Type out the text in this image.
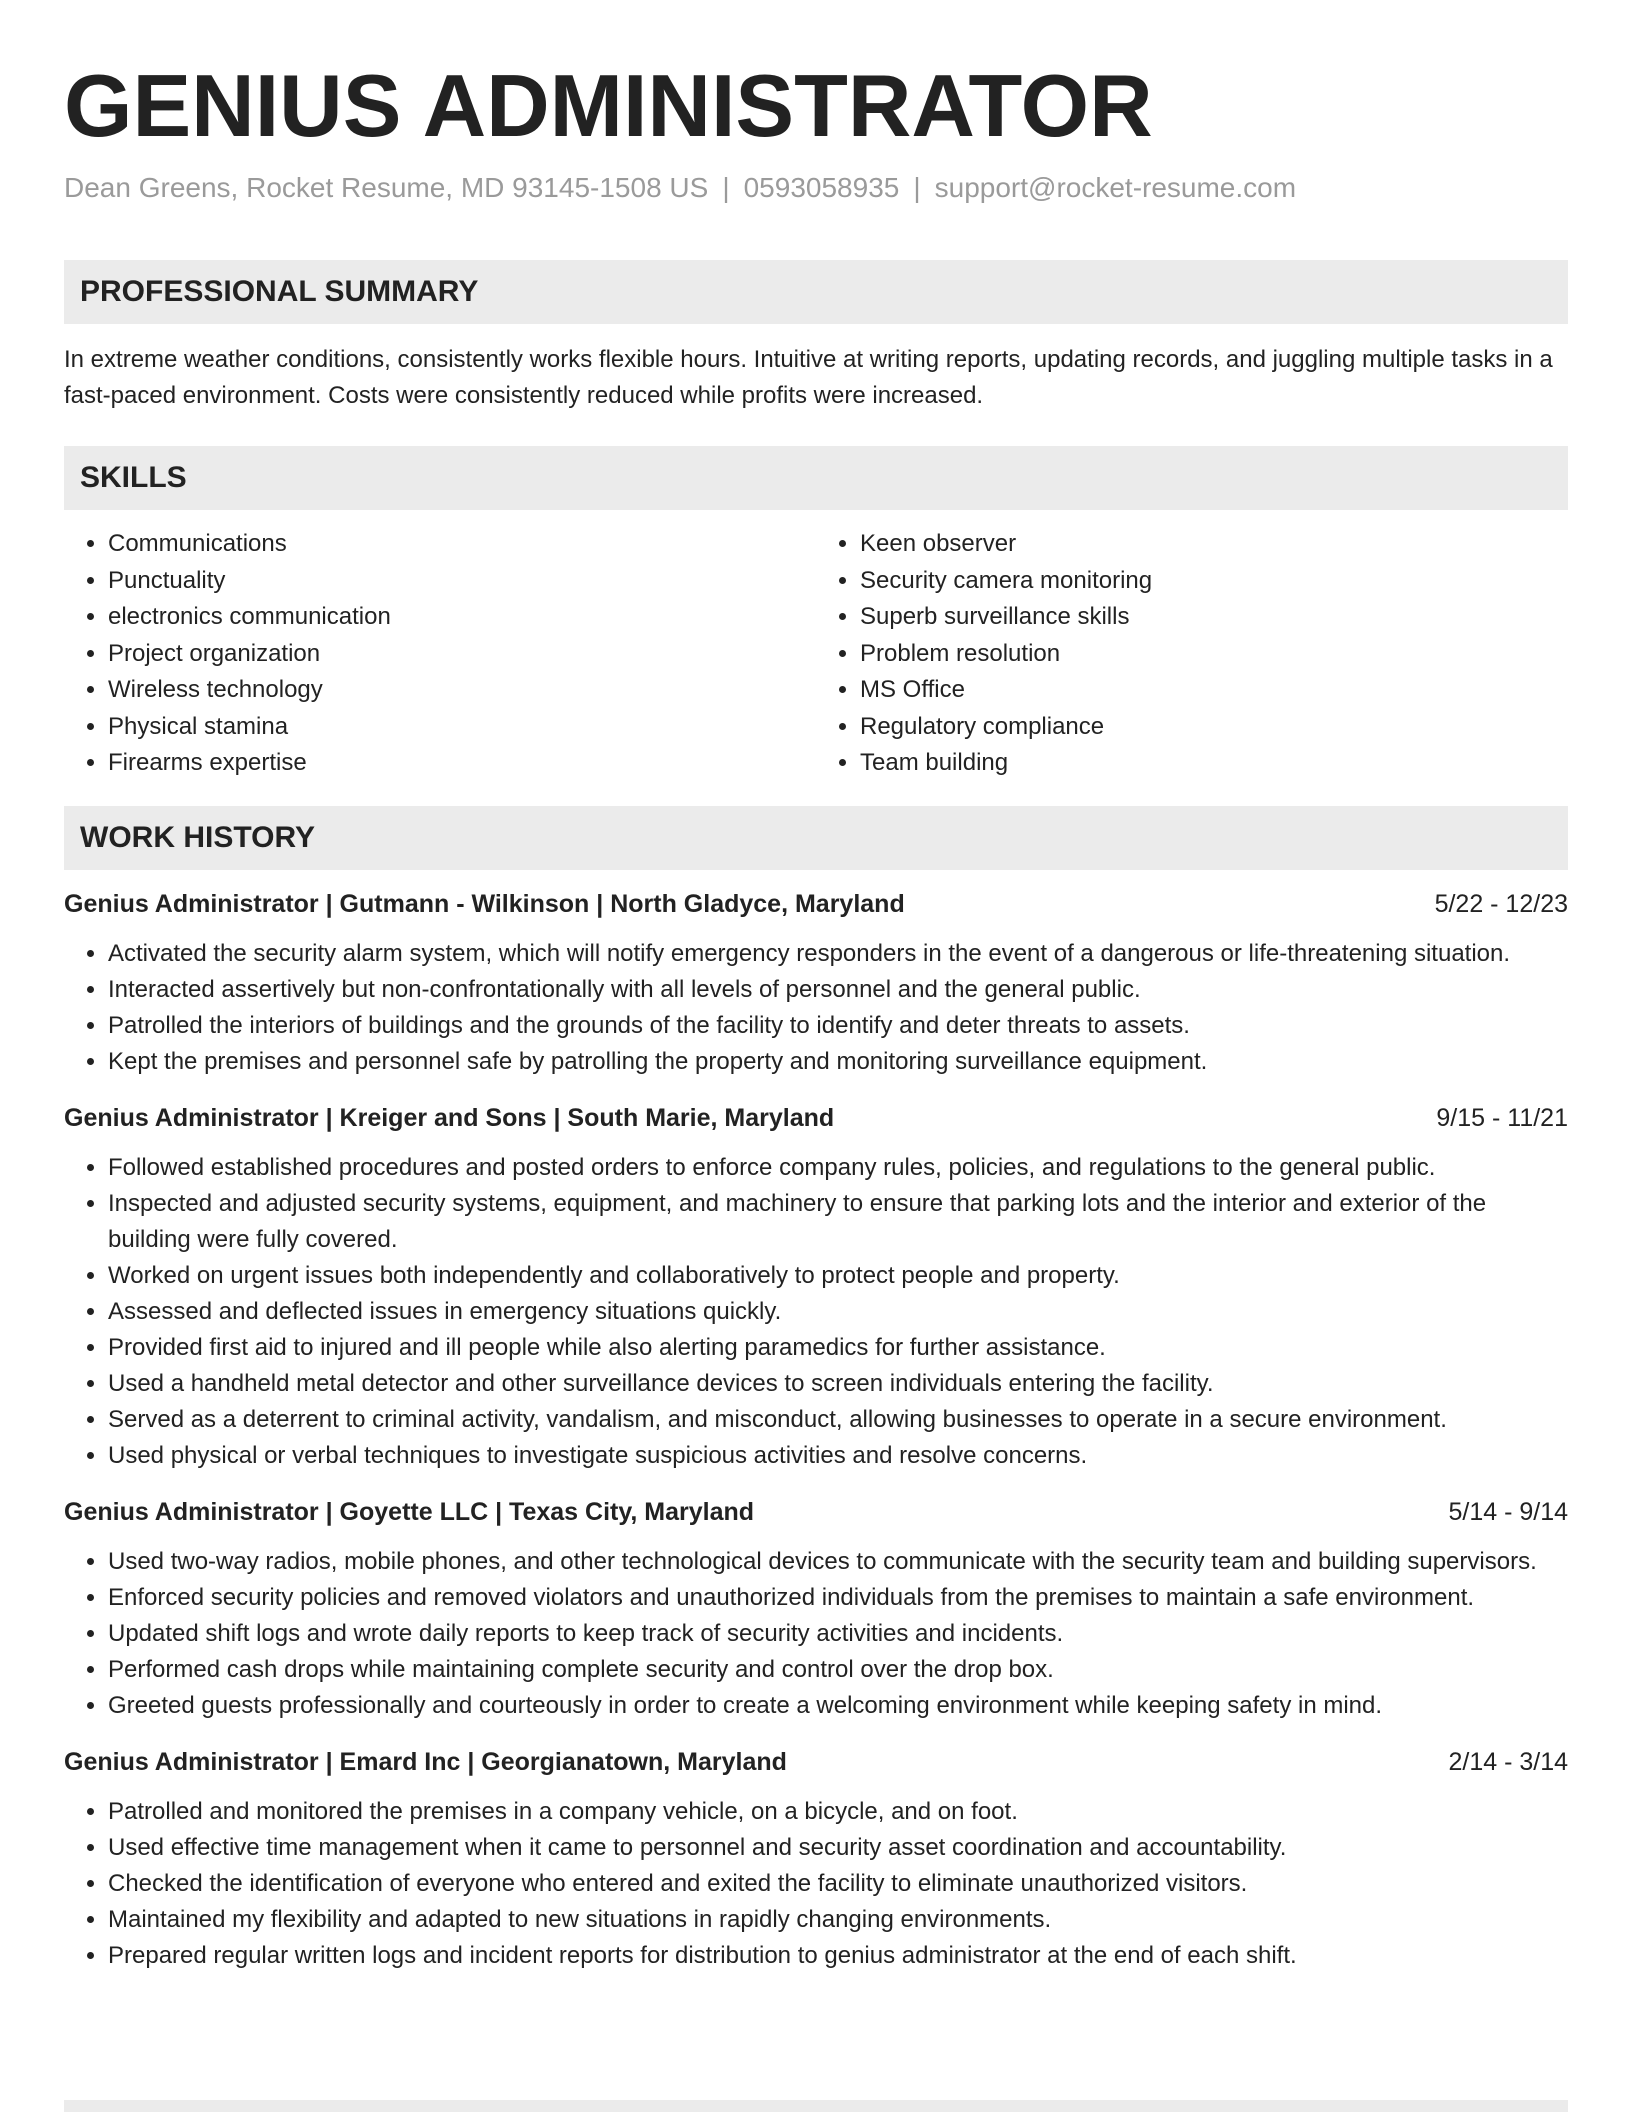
GENIUS ADMINISTRATOR
Dean Greens, Rocket Resume, MD 93145-1508 US | 0593058935 | support@rocket-resume.com
PROFESSIONAL SUMMARY
In extreme weather conditions, consistently works flexible hours. Intuitive at writing reports, updating records, and juggling multiple tasks in a fast-paced environment. Costs were consistently reduced while profits were increased.
SKILLS
• Communications
• Punctuality
• electronics communication
• Project organization
• Wireless technology
• Physical stamina
• Firearms expertise
• Keen observer
• Security camera monitoring
• Superb surveillance skills
• Problem resolution
• MS Office
• Regulatory compliance
• Team building
WORK HISTORY
Genius Administrator | Gutmann - Wilkinson | North Gladyce, Maryland	5/22 - 12/23
• Activated the security alarm system, which will notify emergency responders in the event of a dangerous or life-threatening situation.
• Interacted assertively but non-confrontationally with all levels of personnel and the general public.
• Patrolled the interiors of buildings and the grounds of the facility to identify and deter threats to assets.
• Kept the premises and personnel safe by patrolling the property and monitoring surveillance equipment.
Genius Administrator | Kreiger and Sons | South Marie, Maryland	9/15 - 11/21
• Followed established procedures and posted orders to enforce company rules, policies, and regulations to the general public.
• Inspected and adjusted security systems, equipment, and machinery to ensure that parking lots and the interior and exterior of the building were fully covered.
• Worked on urgent issues both independently and collaboratively to protect people and property.
• Assessed and deflected issues in emergency situations quickly.
• Provided first aid to injured and ill people while also alerting paramedics for further assistance.
• Used a handheld metal detector and other surveillance devices to screen individuals entering the facility.
• Served as a deterrent to criminal activity, vandalism, and misconduct, allowing businesses to operate in a secure environment.
• Used physical or verbal techniques to investigate suspicious activities and resolve concerns.
Genius Administrator | Goyette LLC | Texas City, Maryland	5/14 - 9/14
• Used two-way radios, mobile phones, and other technological devices to communicate with the security team and building supervisors.
• Enforced security policies and removed violators and unauthorized individuals from the premises to maintain a safe environment.
• Updated shift logs and wrote daily reports to keep track of security activities and incidents.
• Performed cash drops while maintaining complete security and control over the drop box.
• Greeted guests professionally and courteously in order to create a welcoming environment while keeping safety in mind.
Genius Administrator | Emard Inc | Georgianatown, Maryland	2/14 - 3/14
• Patrolled and monitored the premises in a company vehicle, on a bicycle, and on foot.
• Used effective time management when it came to personnel and security asset coordination and accountability.
• Checked the identification of everyone who entered and exited the facility to eliminate unauthorized visitors.
• Maintained my flexibility and adapted to new situations in rapidly changing environments.
• Prepared regular written logs and incident reports for distribution to genius administrator at the end of each shift.
